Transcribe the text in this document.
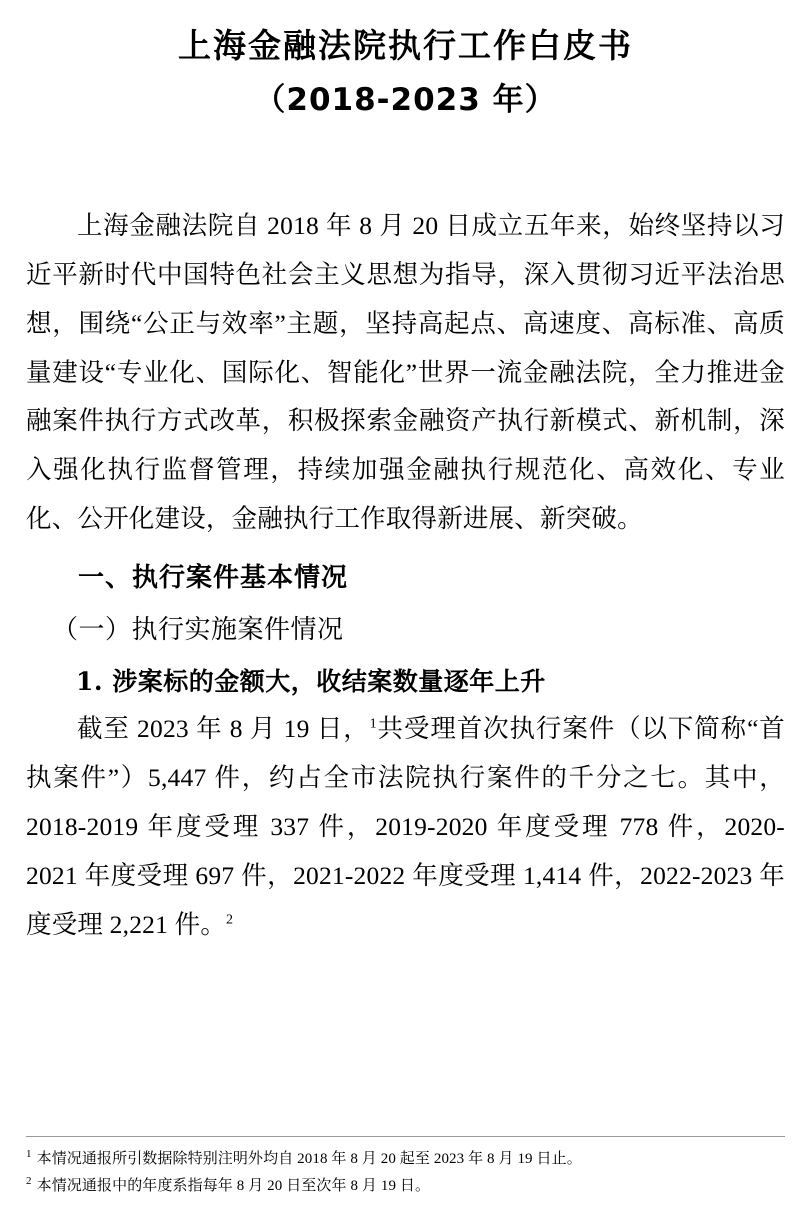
上海金融法院执行工作白皮书
（2018-2023 年）

上海金融法院自 2018 年 8 月 20 日成立五年来，始终坚持以习近平新时代中国特色社会主义思想为指导，深入贯彻习近平法治思想，围绕“公正与效率”主题，坚持高起点、高速度、高标准、高质量建设“专业化、国际化、智能化”世界一流金融法院，全力推进金融案件执行方式改革，积极探索金融资产执行新模式、新机制，深入强化执行监督管理，持续加强金融执行规范化、高效化、专业化、公开化建设，金融执行工作取得新进展、新突破。

一、执行案件基本情况
（一）执行实施案件情况
1. 涉案标的金额大，收结案数量逐年上升

截至 2023 年 8 月 19 日，$^1$共受理首次执行案件（以下简称“首执案件”）5,447 件，约占全市法院执行案件的千分之七。其中，2018-2019 年度受理 337 件，2019-2020 年度受理 778 件，2020-2021 年度受理 697 件，2021-2022 年度受理 1,414 件，2022-2023 年度受理 2,221 件。$^2$

$^1$ 本情况通报所引数据除特别注明外均自 2018 年 8 月 20 起至 2023 年 8 月 19 日止。

$^2$ 本情况通报中的年度系指每年 8 月 20 日至次年 8 月 19 日。
